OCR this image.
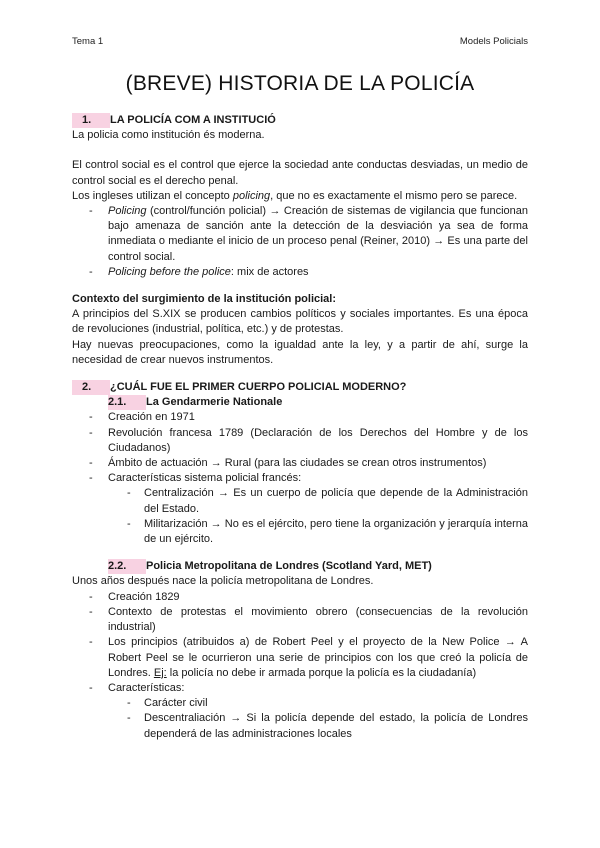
Tema 1	Models Policials
(BREVE) HISTORIA DE LA POLICÍA
1.	LA POLICÍA COM A INSTITUCIÓ

La policia como institución és moderna.

El control social es el control que ejerce la sociedad ante conductas desviadas, un medio de control social es el derecho penal.

Los ingleses utilizan el concepto policing, que no es exactamente el mismo pero se parece.

- Policing (control/función policial) → Creación de sistemas de vigilancia que funcionan bajo amenaza de sanción ante la detección de la desviación ya sea de forma inmediata o mediante el inicio de un proceso penal (Reiner, 2010) → Es una parte del control social.
- Policing before the police: mix de actores

Contexto del surgimiento de la institución policial:

A principios del S.XIX se producen cambios políticos y sociales importantes. Es una época de revoluciones (industrial, política, etc.) y de protestas.

Hay nuevas preocupaciones, como la igualdad ante la ley, y a partir de ahí, surge la necesidad de crear nuevos instrumentos.

2.	¿CUÁL FUE EL PRIMER CUERPO POLICIAL MODERNO?
2.1.	La Gendarmerie Nationale
- Creación en 1971
- Revolución francesa 1789 (Declaración de los Derechos del Hombre y de los Ciudadanos)
- Ámbito de actuación → Rural (para las ciudades se crean otros instrumentos)
- Características sistema policial francés:
- Centralización → Es un cuerpo de policía que depende de la Administración del Estado.
- Militarización → No es el ejército, pero tiene la organización y jerarquía interna de un ejército.
2.2.	Policia Metropolitana de Londres (Scotland Yard, MET)

Unos años después nace la policía metropolitana de Londres.

- Creación 1829
- Contexto de protestas el movimiento obrero (consecuencias de la revolución industrial)
- Los principios (atribuidos a) de Robert Peel y el proyecto de la New Police → A Robert Peel se le ocurrieron una serie de principios con los que creó la policía de Londres. Ej: la policía no debe ir armada porque la policía es la ciudadanía)
- Características:
- Carácter civil
- Descentraliación → Si la policía depende del estado, la policía de Londres dependerá de las administraciones locales
